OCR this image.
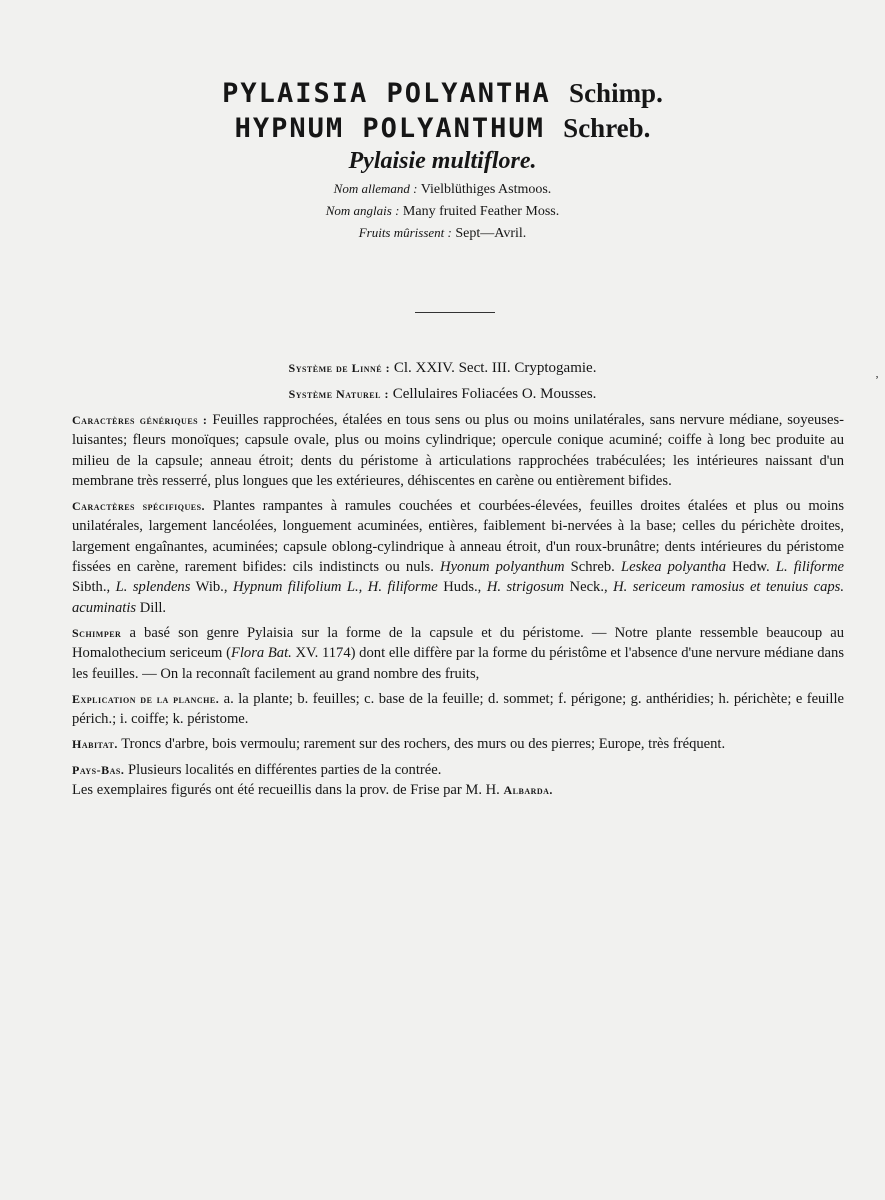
PYLAISIA POLYANTHA Schimp.

HYPNUM POLYANTHUM Schreb.

Pylaisie multiflore.

Nom allemand : Vielblüthiges Astmoos.

Nom anglais : Many fruited Feather Moss.

Fruits mûrissent : Sept—Avril.

Système de Linné : Cl. XXIV. Sect. III. Cryptogamie.
Système Naturel : Cellulaires Foliacées O. Mousses.
‚

Caractères génériques : Feuilles rapprochées, étalées en tous sens ou plus ou moins unilatérales, sans nervure médiane, soyeuses-luisantes; fleurs monoïques; capsule ovale, plus ou moins cylindrique; opercule conique acuminé; coiffe à long bec produite au milieu de la capsule; anneau étroit; dents du péristome à articulations rapprochées trabéculées; les intérieures naissant d'un membrane très resserré, plus longues que les extérieures, déhiscentes en carène ou entièrement bifides.

Caractères spécifiques. Plantes rampantes à ramules couchées et courbées-élevées, feuilles droites étalées et plus ou moins unilatérales, largement lancéolées, longuement acuminées, entières, faiblement bi-nervées à la base; celles du périchète droites, largement engaînantes, acuminées; capsule oblong-cylindrique à anneau étroit, d'un roux-brunâtre; dents intérieures du péristome fissées en carène, rarement bifides: cils indistincts ou nuls. Hyonum polyanthum Schreb. Leskea polyantha Hedw. L. filiforme Sibth., L. splendens Wib., Hypnum filifolium L., H. filiforme Huds., H. strigosum Neck., H. sericeum ramosius et tenuius caps. acuminatis Dill.

Schimper a basé son genre Pylaisia sur la forme de la capsule et du péristome. — Notre plante ressemble beaucoup au Homalothecium sericeum (Flora Bat. XV. 1174) dont elle diffère par la forme du péristôme et l'absence d'une nervure médiane dans les feuilles. — On la reconnaît facilement au grand nombre des fruits,

Explication de la planche. a. la plante; b. feuilles; c. base de la feuille; d. sommet; f. périgone; g. anthéridies; h. périchète; e feuille périch.; i. coiffe; k. péristome.

Habitat. Troncs d'arbre, bois vermoulu; rarement sur des rochers, des murs ou des pierres; Europe, très fréquent.

Pays-Bas. Plusieurs localités en différentes parties de la contrée.

Les exemplaires figurés ont été recueillis dans la prov. de Frise par M. H. Albarda.
